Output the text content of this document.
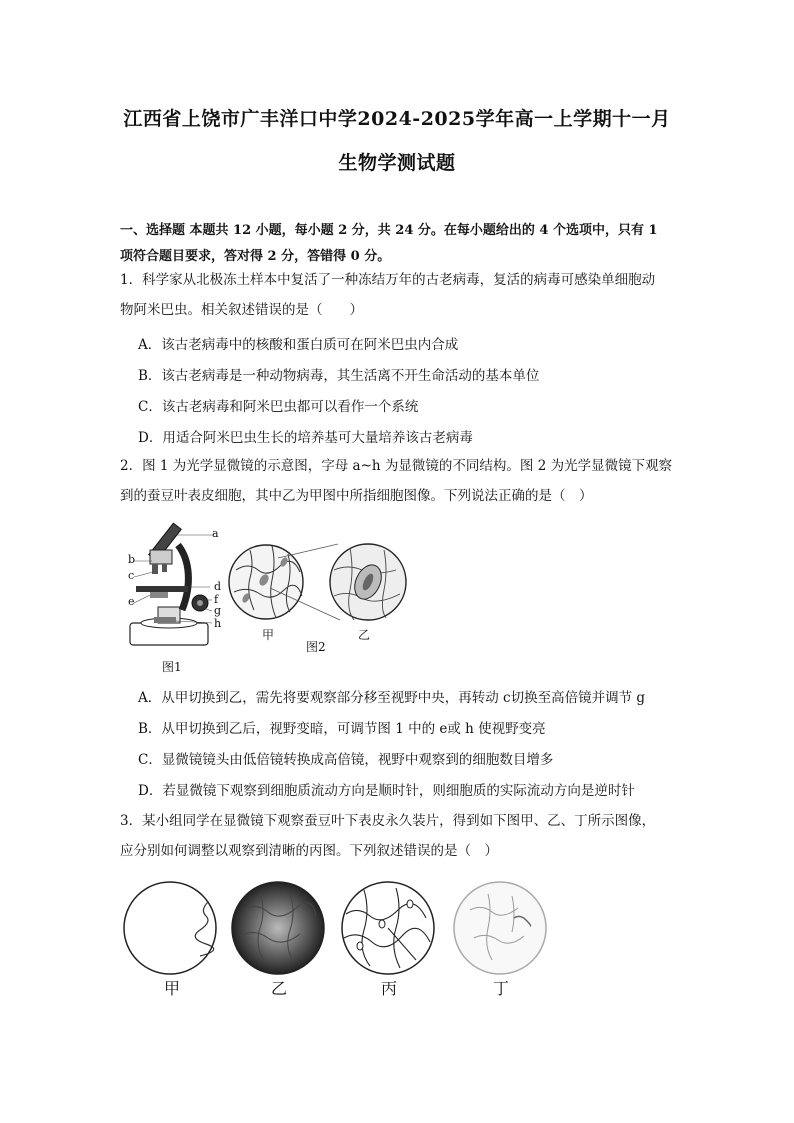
江西省上饶市广丰洋口中学2024-2025学年高一上学期十一月
生物学测试题
一、选择题 本题共 12 小题，每小题 2 分，共 24 分。在每小题给出的 4 个选项中，只有 1
项符合题目要求，答对得 2 分，答错得 0 分。
1．科学家从北极冻土样本中复活了一种冻结万年的古老病毒，复活的病毒可感染单细胞动
物阿米巴虫。相关叙述错误的是（　　）
A．该古老病毒中的核酸和蛋白质可在阿米巴虫内合成
B．该古老病毒是一种动物病毒，其生活离不开生命活动的基本单位
C．该古老病毒和阿米巴虫都可以看作一个系统
D．用适合阿米巴虫生长的培养基可大量培养该古老病毒
2．图 1 为光学显微镜的示意图，字母 a~h 为显微镜的不同结构。图 2 为光学显微镜下观察
到的蚕豆叶表皮细胞，其中乙为甲图中所指细胞图像。下列说法正确的是（　）
a
b
c
d
e	f
g
h
图1
甲	乙
图2
A．从甲切换到乙，需先将要观察部分移至视野中央，再转动 c切换至高倍镜并调节 g
B．从甲切换到乙后，视野变暗，可调节图 1 中的 e或 h 使视野变亮
C．显微镜镜头由低倍镜转换成高倍镜，视野中观察到的细胞数目增多
D．若显微镜下观察到细胞质流动方向是顺时针，则细胞质的实际流动方向是逆时针
3．某小组同学在显微镜下观察蚕豆叶下表皮永久装片，得到如下图甲、乙、丁所示图像，
应分别如何调整以观察到清晰的丙图。下列叙述错误的是（　）
甲	乙	丙	丁
